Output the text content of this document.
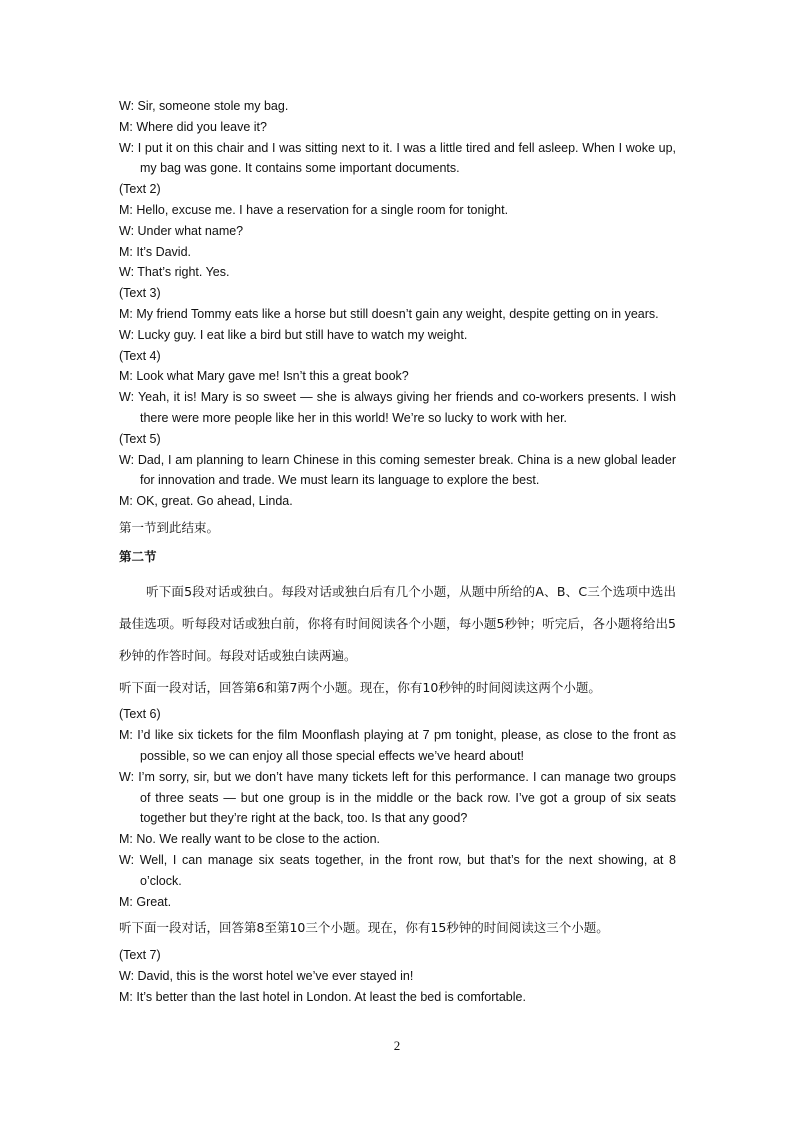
W: Sir, someone stole my bag.
M: Where did you leave it?
W: I put it on this chair and I was sitting next to it. I was a little tired and fell asleep. When I woke up, my bag was gone. It contains some important documents.
(Text 2)
M: Hello, excuse me. I have a reservation for a single room for tonight.
W: Under what name?
M: It’s David.
W: That’s right. Yes.
(Text 3)
M: My friend Tommy eats like a horse but still doesn’t gain any weight, despite getting on in years.
W: Lucky guy. I eat like a bird but still have to watch my weight.
(Text 4)
M: Look what Mary gave me! Isn’t this a great book?
W: Yeah, it is! Mary is so sweet — she is always giving her friends and co-workers presents. I wish there were more people like her in this world! We’re so lucky to work with her.
(Text 5)
W: Dad, I am planning to learn Chinese in this coming semester break. China is a new global leader for innovation and trade. We must learn its language to explore the best.
M: OK, great. Go ahead, Linda.
第一节到此结束。
第二节
听下面5段对话或独白。每段对话或独白后有几个小题，从题中所给的A、B、C三个选项中选出最佳选项。听每段对话或独白前，你将有时间阅读各个小题，每小题5秒钟；听完后，各小题将给出5秒钟的作答时间。每段对话或独白读两遍。
听下面一段对话，回答第6和第7两个小题。现在，你有10秒钟的时间阅读这两个小题。
(Text 6)
M: I’d like six tickets for the film Moonflash playing at 7 pm tonight, please, as close to the front as possible, so we can enjoy all those special effects we’ve heard about!
W: I’m sorry, sir, but we don’t have many tickets left for this performance. I can manage two groups of three seats — but one group is in the middle or the back row. I’ve got a group of six seats together but they’re right at the back, too. Is that any good?
M: No. We really want to be close to the action.
W: Well, I can manage six seats together, in the front row, but that’s for the next showing, at 8 o’clock.
M: Great.
听下面一段对话，回答第8至第10三个小题。现在，你有15秒钟的时间阅读这三个小题。
(Text 7)
W: David, this is the worst hotel we’ve ever stayed in!
M: It’s better than the last hotel in London. At least the bed is comfortable.
2
